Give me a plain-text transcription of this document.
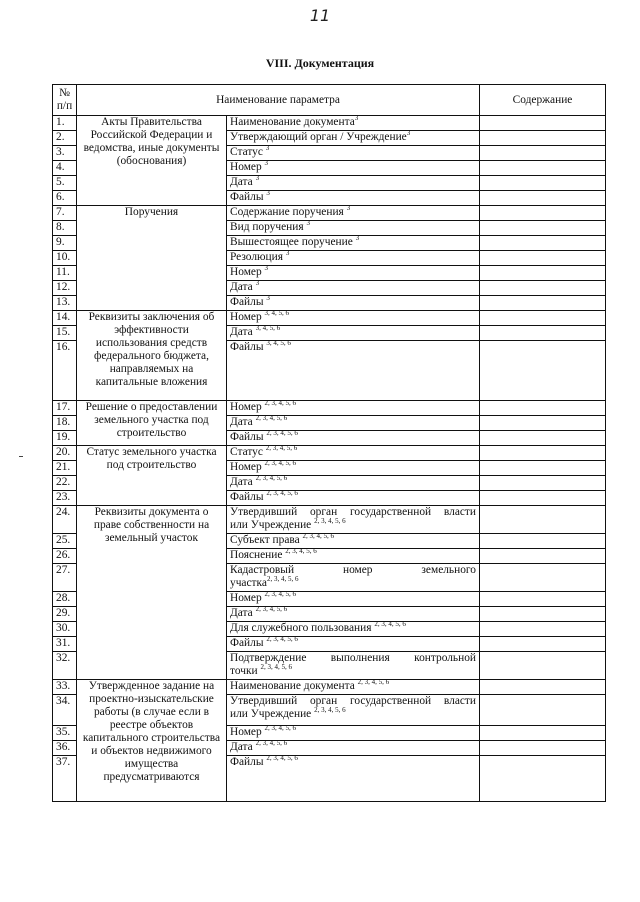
11
VIII. Документация
№ п/п	Наименование параметра		Содержание
1.	Акты Правительства Российской Федерации и ведомства, иные документы (обоснования)	Наименование документа$^3$	
2.		Утверждающий орган / Учреждение$^3$	
3.		Статус $^3$	
4.		Номер $^3$	
5.		Дата $^3$	
6.		Файлы $^3$	
7.	Поручения	Содержание поручения $^3$	
8.		Вид поручения $^3$	
9.		Вышестоящее поручение $^3$	
10.		Резолюция $^3$	
11.		Номер $^3$	
12.		Дата $^3$	
13.		Файлы $^3$	
14.	Реквизиты заключения об эффективности использования средств федерального бюджета, направляемых на капитальные вложения	Номер $^{3, 4, 5, 6}$	
15.		Дата $^{3, 4, 5, 6}$	
16.		Файлы $^{3, 4, 5, 6}$	
17.	Решение о предоставлении земельного участка под строительство	Номер $^{2, 3, 4, 5, 6}$	
18.		Дата $^{2, 3, 4, 5, 6}$	
19.		Файлы $^{2, 3, 4, 5, 6}$	
20.	Статус земельного участка под строительство	Статус $^{2, 3, 4, 5, 6}$	
21.		Номер $^{2, 3, 4, 5, 6}$	
22.		Дата $^{2, 3, 4, 5, 6}$	
23.		Файлы $^{2, 3, 4, 5, 6}$	
24.	Реквизиты документа о праве собственности на земельный участок	Утвердивший орган государственной власти
или Учреждение $^{2, 3, 4, 5, 6}$	
25.		Субъект права $^{2, 3, 4, 5, 6}$	
26.		Пояснение $^{2, 3, 4, 5, 6}$	
27.		Кадастровый номер земельного
участка$^{2, 3, 4, 5, 6}$	
28.		Номер $^{2, 3, 4, 5, 6}$	
29.		Дата $^{2, 3, 4, 5, 6}$	
30.		Для служебного пользования $^{2, 3, 4, 5, 6}$	
31.		Файлы $^{2, 3, 4, 5, 6}$	
32.		Подтверждение выполнения контрольной
точки $^{2, 3, 4, 5, 6}$	
33.	Утвержденное задание на проектно-изыскательские работы (в случае если в реестре объектов капитального строительства и объектов недвижимого имущества предусматриваются	Наименование документа $^{2, 3, 4, 5, 6}$	
34.		Утвердивший орган государственной власти
или Учреждение $^{2, 3, 4, 5, 6}$	
35.		Номер $^{2, 3, 4, 5, 6}$	
36.		Дата $^{2, 3, 4, 5, 6}$	
37.		Файлы $^{2, 3, 4, 5, 6}$	
